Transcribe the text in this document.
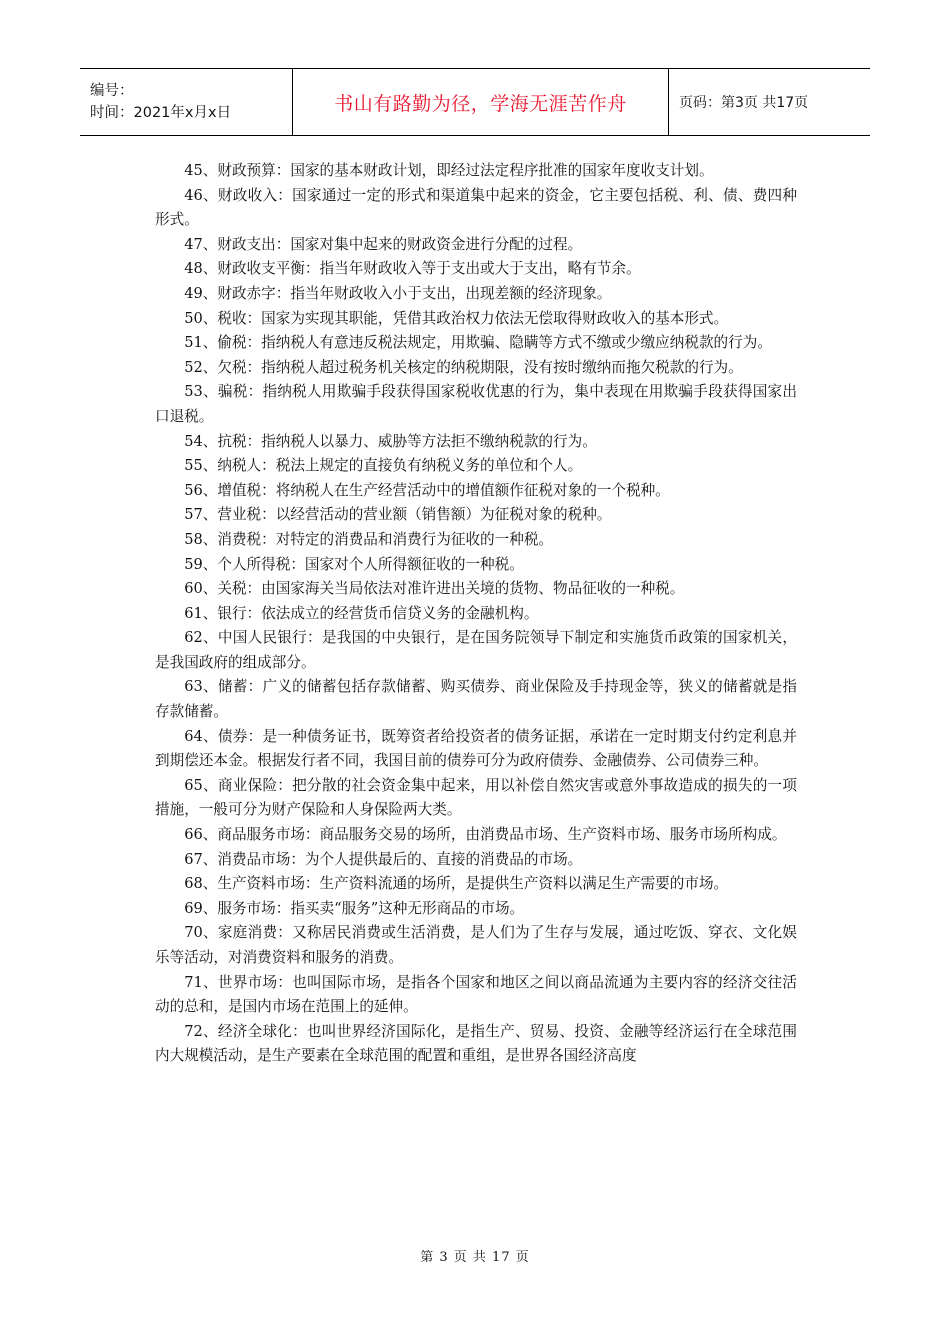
编号：
时间：2021年x月x日	书山有路勤为径，学海无涯苦作舟	页码：第3页 共17页

45、财政预算：国家的基本财政计划，即经过法定程序批准的国家年度收支计划。

46、财政收入：国家通过一定的形式和渠道集中起来的资金，它主要包括税、利、债、费四种形式。

47、财政支出：国家对集中起来的财政资金进行分配的过程。

48、财政收支平衡：指当年财政收入等于支出或大于支出，略有节余。

49、财政赤字：指当年财政收入小于支出，出现差额的经济现象。

50、税收：国家为实现其职能，凭借其政治权力依法无偿取得财政收入的基本形式。

51、偷税：指纳税人有意违反税法规定，用欺骗、隐瞒等方式不缴或少缴应纳税款的行为。

52、欠税：指纳税人超过税务机关核定的纳税期限，没有按时缴纳而拖欠税款的行为。

53、骗税：指纳税人用欺骗手段获得国家税收优惠的行为，集中表现在用欺骗手段获得国家出口退税。

54、抗税：指纳税人以暴力、威胁等方法拒不缴纳税款的行为。

55、纳税人：税法上规定的直接负有纳税义务的单位和个人。

56、增值税：将纳税人在生产经营活动中的增值额作征税对象的一个税种。

57、营业税：以经营活动的营业额（销售额）为征税对象的税种。

58、消费税：对特定的消费品和消费行为征收的一种税。

59、个人所得税：国家对个人所得额征收的一种税。

60、关税：由国家海关当局依法对准许进出关境的货物、物品征收的一种税。

61、银行：依法成立的经营货币信贷义务的金融机构。

62、中国人民银行：是我国的中央银行，是在国务院领导下制定和实施货币政策的国家机关，是我国政府的组成部分。

63、储蓄：广义的储蓄包括存款储蓄、购买债券、商业保险及手持现金等，狭义的储蓄就是指存款储蓄。

64、债券：是一种债务证书，既筹资者给投资者的债务证据，承诺在一定时期支付约定利息并到期偿还本金。根据发行者不同，我国目前的债券可分为政府债券、金融债券、公司债券三种。

65、商业保险：把分散的社会资金集中起来，用以补偿自然灾害或意外事故造成的损失的一项措施，一般可分为财产保险和人身保险两大类。

66、商品服务市场：商品服务交易的场所，由消费品市场、生产资料市场、服务市场所构成。

67、消费品市场：为个人提供最后的、直接的消费品的市场。

68、生产资料市场：生产资料流通的场所，是提供生产资料以满足生产需要的市场。

69、服务市场：指买卖“服务”这种无形商品的市场。

70、家庭消费：又称居民消费或生活消费，是人们为了生存与发展，通过吃饭、穿衣、文化娱乐等活动，对消费资料和服务的消费。

71、世界市场：也叫国际市场，是指各个国家和地区之间以商品流通为主要内容的经济交往活动的总和，是国内市场在范围上的延伸。

72、经济全球化：也叫世界经济国际化，是指生产、贸易、投资、金融等经济运行在全球范围内大规模活动，是生产要素在全球范围的配置和重组，是世界各国经济高度

第 3 页 共 17 页
